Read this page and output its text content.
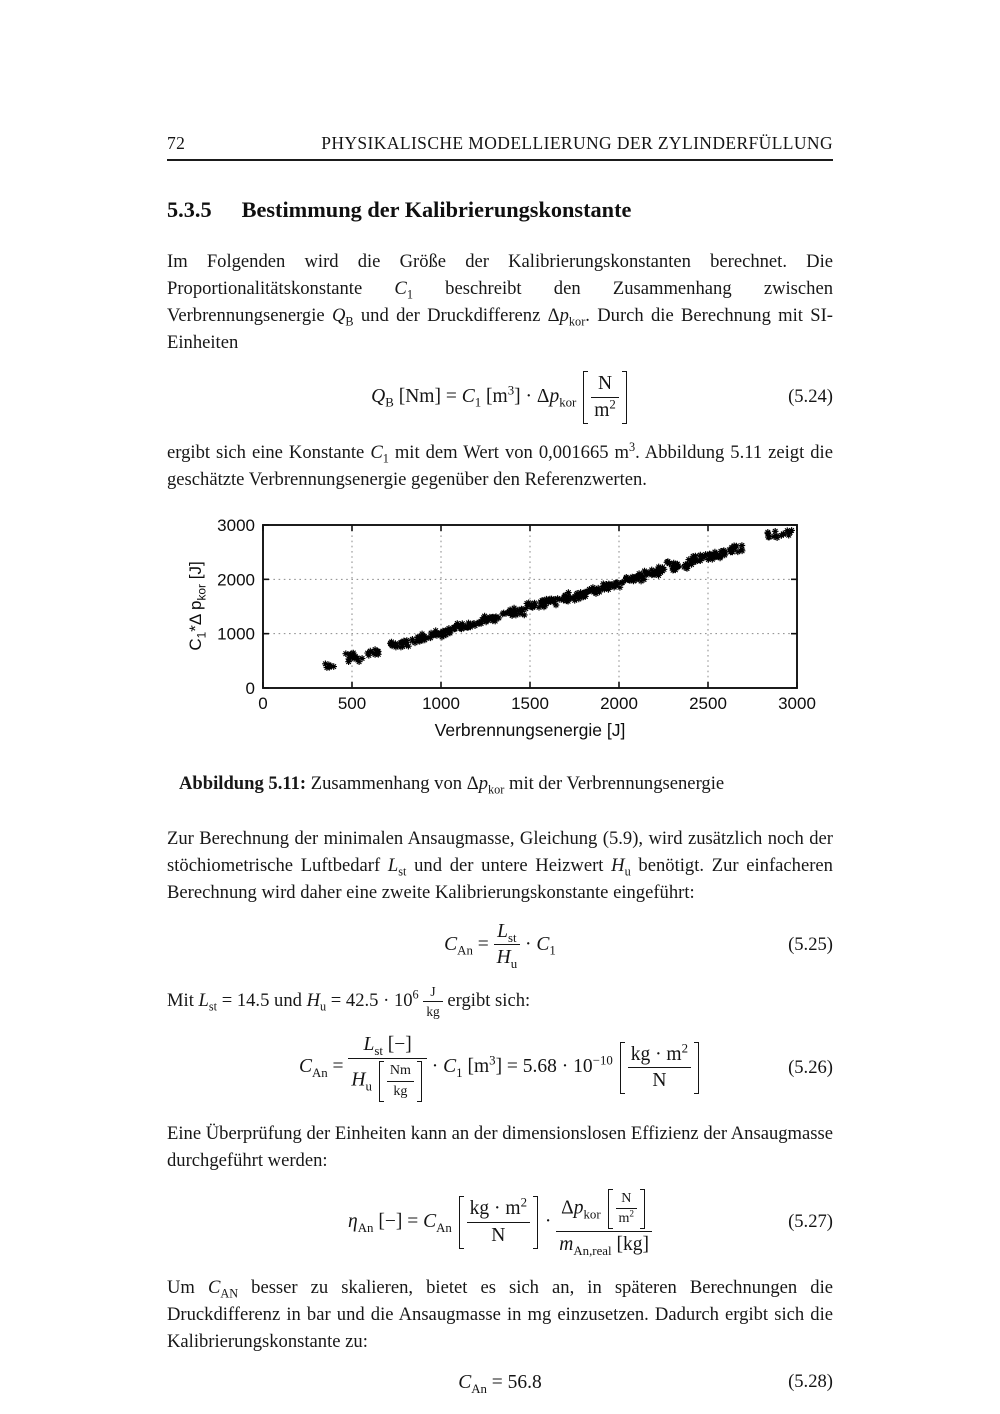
72	PHYSIKALISCHE MODELLIERUNG DER ZYLINDERFÜLLUNG
5.3.5 Bestimmung der Kalibrierungskonstante

Im Folgenden wird die Größe der Kalibrierungskonstanten berechnet. Die Proportionalitätskonstante $C_1$ beschreibt den Zusammenhang zwischen Verbrennungsenergie $Q_B$ und der Druckdifferenz $\Delta p_{kor}$. Durch die Berechnung mit SI-Einheiten

$Q_B$ $[Nm] = C_1$ $[m^3] \cdot \Delta p_{kor} \frac{N}{m^2}$	(5.24)

ergibt sich eine Konstante $C_1$ mit dem Wert von 0,001665 $m^3$. Abbildung 5.11 zeigt die geschätzte Verbrennungsenergie gegenüber den Referenzwerten.

0	500	1000	1500	2000	2500	3000
0
1000
2000
3000
$C_1*\Delta$ $p_{kor}$ [J]
Verbrennungsenergie [J]
Abbildung 5.11: Zusammenhang von $\Delta p_{kor}$ mit der Verbrennungsenergie

Zur Berechnung der minimalen Ansaugmasse, Gleichung (5.9), wird zusätzlich noch der stöchiometrische Luftbedarf $L_{st}$ und der untere Heizwert $H_u$ benötigt. Zur einfacheren Berechnung wird daher eine zweite Kalibrierungskonstante eingeführt:

$C_{An} = \frac{L_{st}}{H_u} \cdot C_1$	(5.25)

Mit $L_{st} = 14.5$ und $H_u = 42.5 \cdot 10^6 \frac{J}{kg}$ ergibt sich:

$C_{An} = \frac{L_{st} [-]}{H_u \frac{Nm}{kg}} \cdot C_1$ $[m^3] = 5.68 \cdot 10^{-10} \frac{kg \cdot m^2}{N}$	(5.26)

Eine Überprüfung der Einheiten kann an der dimensionslosen Effizienz der Ansaugmasse durchgeführt werden:

$\eta_{An}$ [−] = $C_{An} \frac{kg \cdot m^2}{N} \cdot \frac{\Delta p_{kor} \frac{N}{m^2}}{m_{An,real} [kg]}$	(5.27)

Um $C_{AN}$ besser zu skalieren, bietet es sich an, in späteren Berechnungen die Druckdifferenz in bar und die Ansaugmasse in mg einzusetzen. Dadurch ergibt sich die Kalibrierungskonstante zu:

$C_{An} = 56.8$	(5.28)
